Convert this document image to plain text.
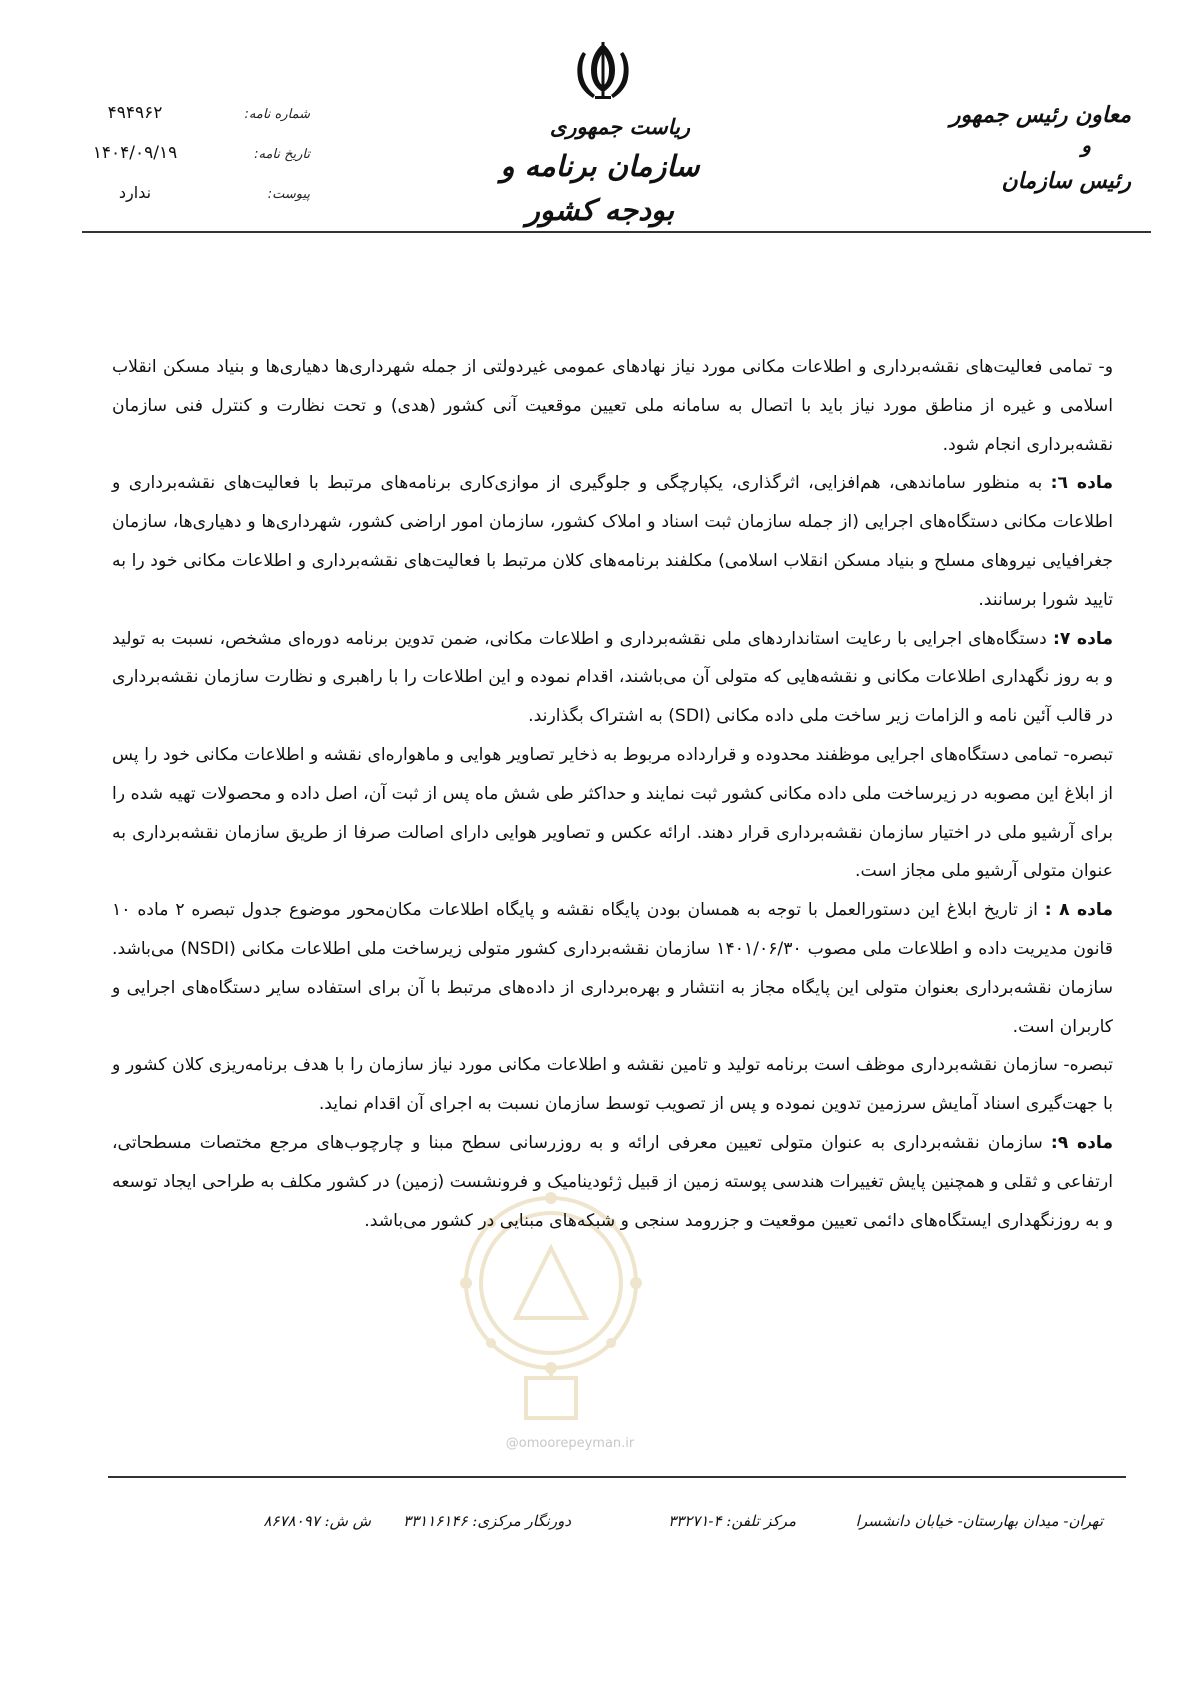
معاون رئیس جمهور
و
رئیس سازمان
ریاست جمهوری
سازمان برنامه و بودجه کشور
شماره نامه:
۴۹۴۹۶۲
تاریخ نامه:
۱۴۰۴/۰۹/۱۹
پیوست:
ندارد
@omoorepeyman.ir

و- تمامی فعالیت‌های نقشه‌برداری و اطلاعات مکانی مورد نیاز نهادهای عمومی غیردولتی از جمله شهرداری‌ها دهیاری‌ها و بنیاد مسکن انقلاب اسلامی و غیره از مناطق مورد نیاز باید با اتصال به سامانه ملی تعیین موقعیت آنی کشور (هدی) و تحت نظارت و کنترل فنی سازمان نقشه‌برداری انجام شود.

ماده ٦: به منظور ساماندهی، هم‌افزایی، اثرگذاری، یکپارچگی و جلوگیری از موازی‌کاری برنامه‌های مرتبط با فعالیت‌های نقشه‌برداری و اطلاعات مکانی دستگاه‌های اجرایی (از جمله سازمان ثبت اسناد و املاک کشور، سازمان امور اراضی کشور، شهرداری‌ها و دهیاری‌ها، سازمان جغرافیایی نیروهای مسلح و بنیاد مسکن انقلاب اسلامی) مکلفند برنامه‌های کلان مرتبط با فعالیت‌های نقشه‌برداری و اطلاعات مکانی خود را به تایید شورا برسانند.

ماده ۷: دستگاه‌های اجرایی با رعایت استانداردهای ملی نقشه‌برداری و اطلاعات مکانی، ضمن تدوین برنامه دوره‌ای مشخص، نسبت به تولید و به روز نگهداری اطلاعات مکانی و نقشه‌هایی که متولی آن می‌باشند، اقدام نموده و این اطلاعات را با راهبری و نظارت سازمان نقشه‌برداری در قالب آئین نامه و الزامات زیر ساخت ملی داده مکانی (SDI) به اشتراک بگذارند.

تبصره- تمامی دستگاه‌های اجرایی موظفند محدوده و قرارداده مربوط به ذخایر تصاویر هوایی و ماهواره‌ای نقشه و اطلاعات مکانی خود را پس از ابلاغ این مصوبه در زیرساخت ملی داده مکانی کشور ثبت نمایند و حداکثر طی شش ماه پس از ثبت آن، اصل داده و محصولات تهیه شده را برای آرشیو ملی در اختیار سازمان نقشه‌برداری قرار دهند. ارائه عکس و تصاویر هوایی دارای اصالت صرفا از طریق سازمان نقشه‌برداری به عنوان متولی آرشیو ملی مجاز است.

ماده ۸ : از تاریخ ابلاغ این دستورالعمل با توجه به همسان بودن پایگاه نقشه و پایگاه اطلاعات مکان‌محور موضوع جدول تبصره ۲ ماده ۱۰ قانون مدیریت داده و اطلاعات ملی مصوب ۱۴۰۱/۰۶/۳۰ سازمان نقشه‌برداری کشور متولی زیرساخت ملی اطلاعات مکانی (NSDI) می‌باشد. سازمان نقشه‌برداری بعنوان متولی این پایگاه مجاز به انتشار و بهره‌برداری از داده‌های مرتبط با آن برای استفاده سایر دستگاه‌های اجرایی و کاربران است.

تبصره- سازمان نقشه‌برداری موظف است برنامه تولید و تامین نقشه و اطلاعات مکانی مورد نیاز سازمان را با هدف برنامه‌ریزی کلان کشور و با جهت‌گیری اسناد آمایش سرزمین تدوین نموده و پس از تصویب توسط سازمان نسبت به اجرای آن اقدام نماید.

ماده ۹: سازمان نقشه‌برداری به عنوان متولی تعیین معرفی ارائه و به روزرسانی سطح مبنا و چارچوب‌های مرجع مختصات مسطحاتی، ارتفاعی و ثقلی و همچنین پایش تغییرات هندسی پوسته زمین از قبیل ژئودینامیک و فرونشست (زمین) در کشور مکلف به طراحی ایجاد توسعه و به روزنگهداری ایستگاه‌های دائمی تعیین موقعیت و جزرومد سنجی و شبکه‌های مبنایی در کشور می‌باشد.

تهران- میدان بهارستان- خیابان دانشسرا
مرکز تلفن: ۴-۳۳۲۷۱
دورنگار مرکزی: ۳۳۱۱۶۱۴۶
ش ش: ۸۶۷۸۰۹۷
